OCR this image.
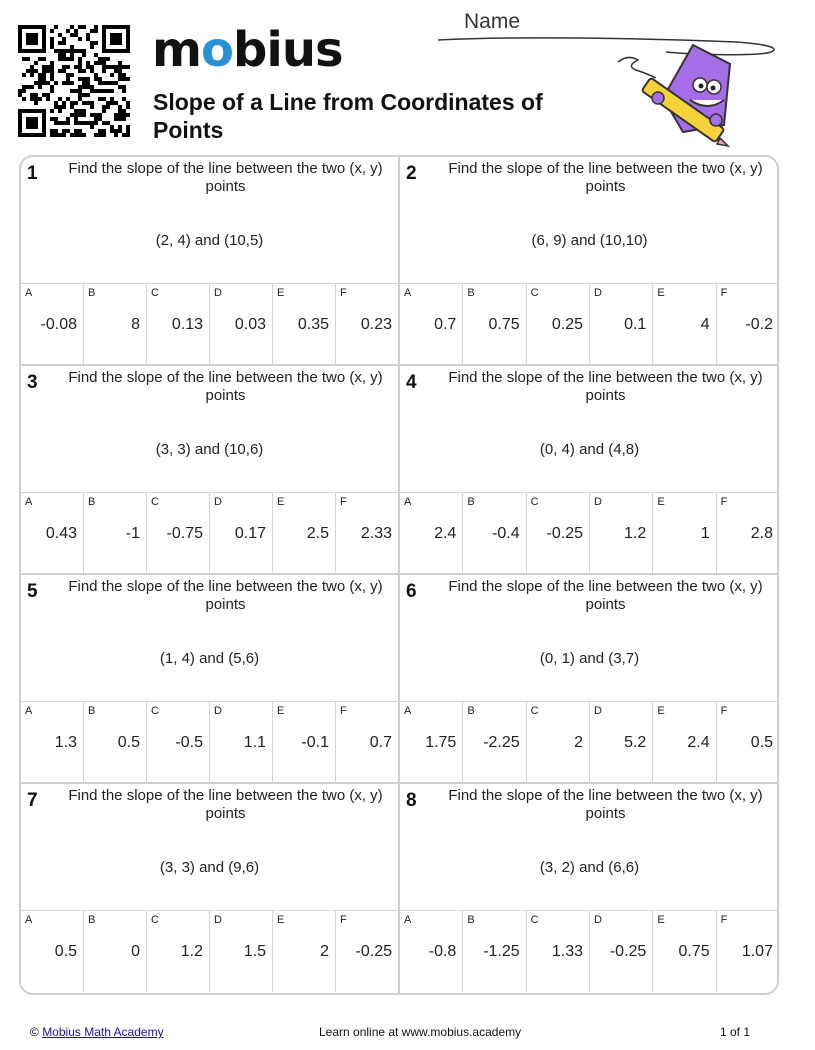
mobius
Slope of a Line from Coordinates of Points
Name
1	Find the slope of the line between the two (x, y) points
(2, 4) and (10,5)
A
-0.08
B
8
C
0.13
D
0.03
E
0.35
F
0.23
2	Find the slope of the line between the two (x, y) points
(6, 9) and (10,10)
A
0.7
B
0.75
C
0.25
D
0.1
E
4
F
-0.2
3	Find the slope of the line between the two (x, y) points
(3, 3) and (10,6)
A
0.43
B
-1
C
-0.75
D
0.17
E
2.5
F
2.33
4	Find the slope of the line between the two (x, y) points
(0, 4) and (4,8)
A
2.4
B
-0.4
C
-0.25
D
1.2
E
1
F
2.8
5	Find the slope of the line between the two (x, y) points
(1, 4) and (5,6)
A
1.3
B
0.5
C
-0.5
D
1.1
E
-0.1
F
0.7
6	Find the slope of the line between the two (x, y) points
(0, 1) and (3,7)
A
1.75
B
-2.25
C
2
D
5.2
E
2.4
F
0.5
7	Find the slope of the line between the two (x, y) points
(3, 3) and (9,6)
A
0.5
B
0
C
1.2
D
1.5
E
2
F
-0.25
8	Find the slope of the line between the two (x, y) points
(3, 2) and (6,6)
A
-0.8
B
-1.25
C
1.33
D
-0.25
E
0.75
F
1.07
© Mobius Math Academy	Learn online at www.mobius.academy	1 of 1
